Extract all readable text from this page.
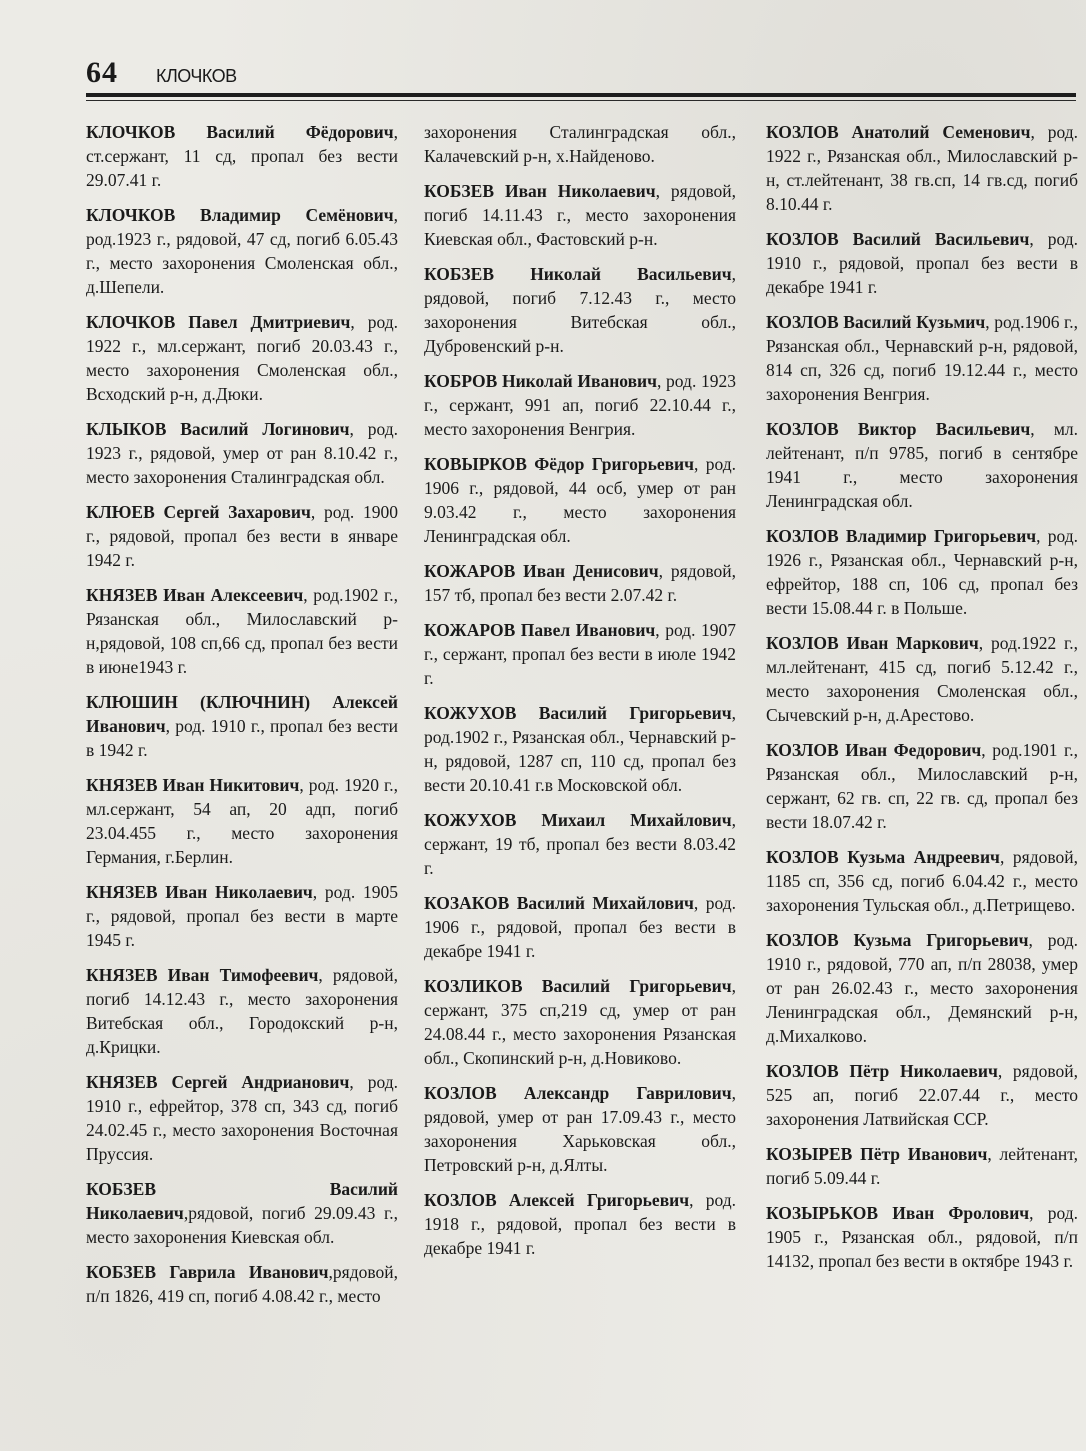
64 КЛОЧКОВ

КЛОЧКОВ Василий Фёдорович, ст.сержант, 11 сд, пропал без вести 29.07.41 г.

КЛОЧКОВ Владимир Семёнович, род.1923 г., рядовой, 47 сд, погиб 6.05.43 г., место захоронения Смоленская обл., д.Шепели.

КЛОЧКОВ Павел Дмитриевич, род. 1922 г., мл.сержант, погиб 20.03.43 г., место захоронения Смоленская обл., Всходский р-н, д.Дюки.

КЛЫКОВ Василий Логинович, род. 1923 г., рядовой, умер от ран 8.10.42 г., место захоронения Сталинградская обл.

КЛЮЕВ Сергей Захарович, род. 1900 г., рядовой, пропал без вести в январе 1942 г.

КНЯЗЕВ Иван Алексеевич, род.1902 г., Рязанская обл., Милославский р-н,рядовой, 108 сп,66 сд, пропал без вести в июне1943 г.

КЛЮШИН (КЛЮЧНИН) Алексей Иванович, род. 1910 г., пропал без вести в 1942 г.

КНЯЗЕВ Иван Никитович, род. 1920 г., мл.сержант, 54 ап, 20 адп, погиб 23.04.455 г., место захоронения Германия, г.Берлин.

КНЯЗЕВ Иван Николаевич, род. 1905 г., рядовой, пропал без вести в марте 1945 г.

КНЯЗЕВ Иван Тимофеевич, рядовой, погиб 14.12.43 г., место захоронения Витебская обл., Городокский р-н, д.Крицки.

КНЯЗЕВ Сергей Андрианович, род. 1910 г., ефрейтор, 378 сп, 343 сд, погиб 24.02.45 г., место захоронения Восточная Пруссия.

КОБЗЕВ Василий Николаевич,рядовой, погиб 29.09.43 г., место захоронения Киевская обл.

КОБЗЕВ Гаврила Иванович,рядовой, п/п 1826, 419 сп, погиб 4.08.42 г., место

захоронения Сталинградская обл., Калачевский р-н, х.Найденово.

КОБЗЕВ Иван Николаевич, рядовой, погиб 14.11.43 г., место захоронения Киевская обл., Фастовский р-н.

КОБЗЕВ Николай Васильевич, рядовой, погиб 7.12.43 г., место захоронения Витебская обл., Дубровенский р-н.

КОБРОВ Николай Иванович, род. 1923 г., сержант, 991 ап, погиб 22.10.44 г., место захоронения Венгрия.

КОВЫРКОВ Фёдор Григорьевич, род. 1906 г., рядовой, 44 осб, умер от ран 9.03.42 г., место захоронения Ленинградская обл.

КОЖАРОВ Иван Денисович, рядовой, 157 тб, пропал без вести 2.07.42 г.

КОЖАРОВ Павел Иванович, род. 1907 г., сержант, пропал без вести в июле 1942 г.

КОЖУХОВ Василий Григорьевич, род.1902 г., Рязанская обл., Чернавский р-н, рядовой, 1287 сп, 110 сд, пропал без вести 20.10.41 г.в Московской обл.

КОЖУХОВ Михаил Михайлович, сержант, 19 тб, пропал без вести 8.03.42 г.

КОЗАКОВ Василий Михайлович, род. 1906 г., рядовой, пропал без вести в декабре 1941 г.

КОЗЛИКОВ Василий Григорьевич, сержант, 375 сп,219 сд, умер от ран 24.08.44 г., место захоронения Рязанская обл., Скопинский р-н, д.Новиково.

КОЗЛОВ Александр Гаврилович, рядовой, умер от ран 17.09.43 г., место захоронения Харьковская обл., Петровский р-н, д.Ялты.

КОЗЛОВ Алексей Григорьевич, род. 1918 г., рядовой, пропал без вести в декабре 1941 г.

КОЗЛОВ Анатолий Семенович, род. 1922 г., Рязанская обл., Милославский р-н, ст.лейтенант, 38 гв.сп, 14 гв.сд, погиб 8.10.44 г.

КОЗЛОВ Василий Васильевич, род. 1910 г., рядовой, пропал без вести в декабре 1941 г.

КОЗЛОВ Василий Кузьмич, род.1906 г., Рязанская обл., Чернавский р-н, рядовой, 814 сп, 326 сд, погиб 19.12.44 г., место захоронения Венгрия.

КОЗЛОВ Виктор Васильевич, мл. лейтенант, п/п 9785, погиб в сентябре 1941 г., место захоронения Ленинградская обл.

КОЗЛОВ Владимир Григорьевич, род. 1926 г., Рязанская обл., Чернавский р-н, ефрейтор, 188 сп, 106 сд, пропал без вести 15.08.44 г. в Польше.

КОЗЛОВ Иван Маркович, род.1922 г., мл.лейтенант, 415 сд, погиб 5.12.42 г., место захоронения Смоленская обл., Сычевский р-н, д.Арестово.

КОЗЛОВ Иван Федорович, род.1901 г., Рязанская обл., Милославский р-н, сержант, 62 гв. сп, 22 гв. сд, пропал без вести 18.07.42 г.

КОЗЛОВ Кузьма Андреевич, рядовой, 1185 сп, 356 сд, погиб 6.04.42 г., место захоронения Тульская обл., д.Петрищево.

КОЗЛОВ Кузьма Григорьевич, род. 1910 г., рядовой, 770 ап, п/п 28038, умер от ран 26.02.43 г., место захоронения Ленинградская обл., Демянский р-н, д.Михалково.

КОЗЛОВ Пётр Николаевич, рядовой, 525 ап, погиб 22.07.44 г., место захоронения Латвийская ССР.

КОЗЫРЕВ Пётр Иванович, лейтенант, погиб 5.09.44 г.

КОЗЫРЬКОВ Иван Фролович, род. 1905 г., Рязанская обл., рядовой, п/п 14132, пропал без вести в октябре 1943 г.
